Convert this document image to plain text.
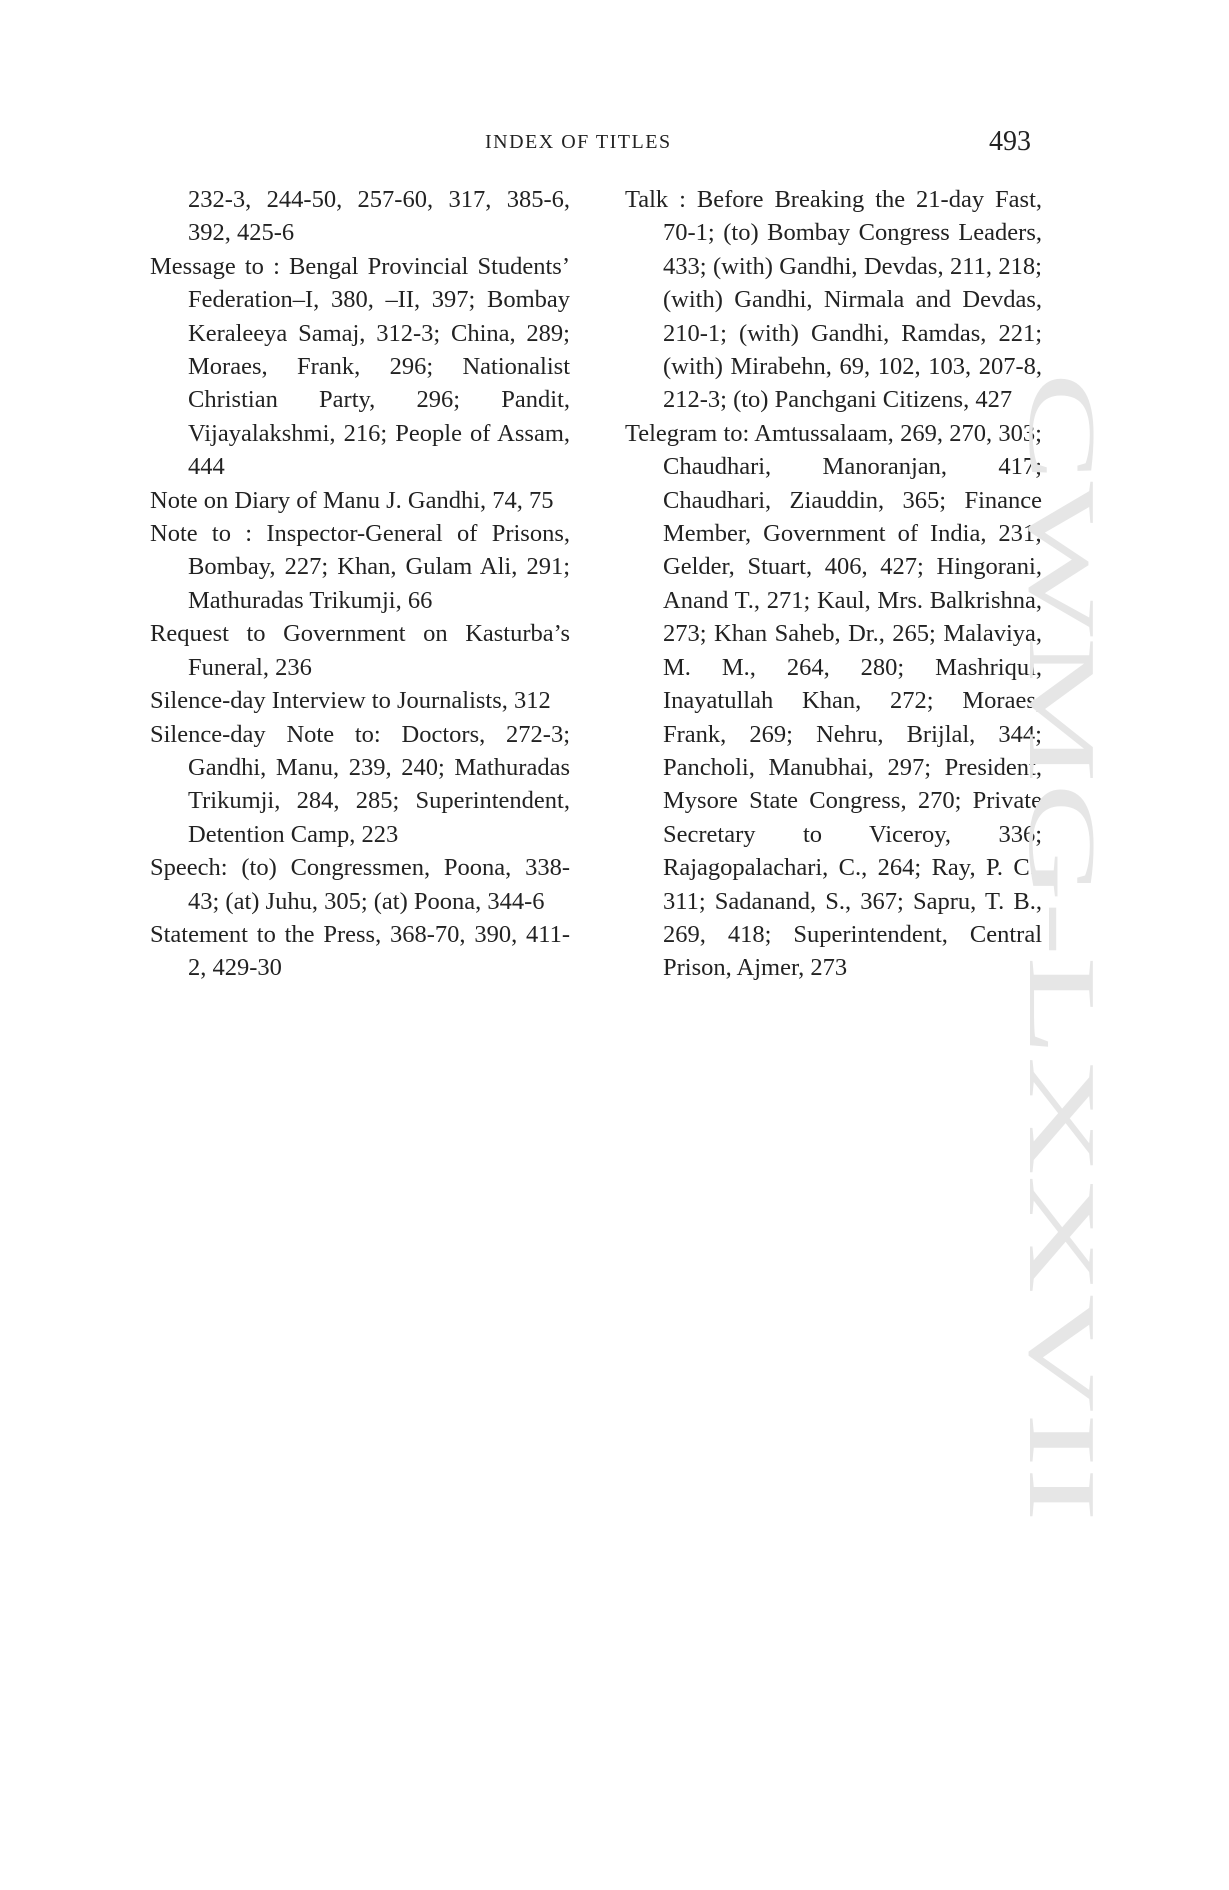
INDEX OF TITLES	493

232-3, 244-50, 257-60, 317, 385-6, 392, 425-6

Message to : Bengal Provincial Students’ Federation–I, 380, –II, 397; Bombay Keraleeya Samaj, 312-3; China, 289; Moraes, Frank, 296; Nationalist Christian Party, 296; Pandit, Vijayalakshmi, 216; People of Assam, 444

Note on Diary of Manu J. Gandhi, 74, 75

Note to : Inspector-General of Prisons, Bombay, 227; Khan, Gulam Ali, 291; Mathuradas Trikumji, 66

Request to Government on Kasturba’s Funeral, 236

Silence-day Interview to Journalists, 312

Silence-day Note to: Doctors, 272-3; Gandhi, Manu, 239, 240; Mathuradas Trikumji, 284, 285; Superintendent, Detention Camp, 223

Speech: (to) Congressmen, Poona, 338-43; (at) Juhu, 305; (at) Poona, 344-6

Statement to the Press, 368-70, 390, 411-2, 429-30

Talk : Before Breaking the 21-day Fast, 70-1; (to) Bombay Congress Leaders, 433; (with) Gandhi, Devdas, 211, 218; (with) Gandhi, Nirmala and Devdas, 210-1; (with) Gandhi, Ramdas, 221; (with) Mirabehn, 69, 102, 103, 207-8, 212-3; (to) Panchgani Citizens, 427

Telegram to: Amtussalaam, 269, 270, 303; Chaudhari, Manoranjan, 417; Chaudhari, Ziauddin, 365; Finance Member, Government of India, 231; Gelder, Stuart, 406, 427; Hingorani, Anand T., 271; Kaul, Mrs. Balkrishna, 273; Khan Saheb, Dr., 265; Malaviya, M. M., 264, 280; Mashriqui, Inayatullah Khan, 272; Moraes, Frank, 269; Nehru, Brijlal, 344; Pancholi, Manubhai, 297; President, Mysore State Congress, 270; Private Secretary to Viceroy, 336; Rajagopalachari, C., 264; Ray, P. C., 311; Sadanand, S., 367; Sapru, T. B., 269, 418; Superintendent, Central Prison, Ajmer, 273	CWMG-LXXVII
